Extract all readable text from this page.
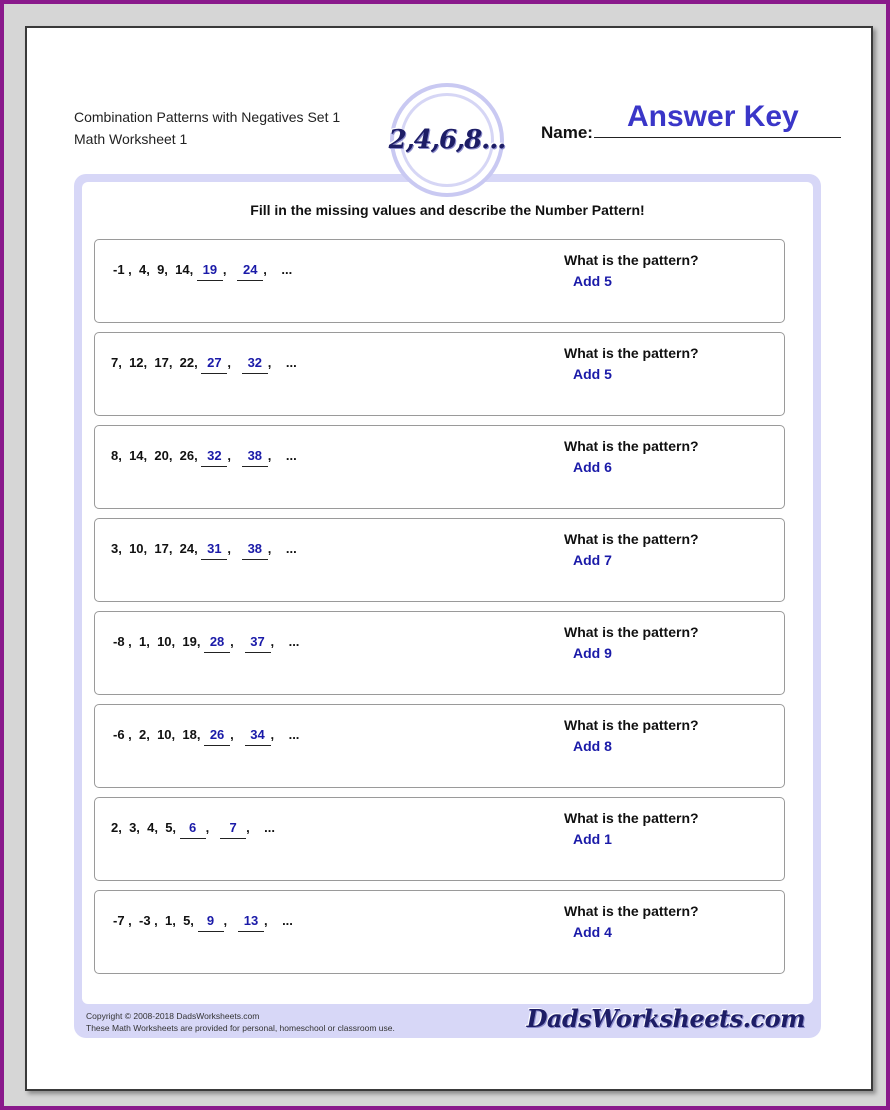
Combination Patterns with Negatives Set 1
Math Worksheet 1	2,4,6,8...
Answer Key
Name:
Fill in the missing values and describe the Number Pattern!
-1 ,  4,  9,  14, 19 , 24 , ...
What is the pattern?
Add 5
7,  12,  17,  22, 27 , 32 , ...
What is the pattern?
Add 5
8,  14,  20,  26, 32 , 38 , ...
What is the pattern?
Add 6
3,  10,  17,  24, 31 , 38 , ...
What is the pattern?
Add 7
-8 ,  1,  10,  19, 28 , 37 , ...
What is the pattern?
Add 9
-6 ,  2,  10,  18, 26 , 34 , ...
What is the pattern?
Add 8
2,  3,  4,  5, 6 , 7 , ...
What is the pattern?
Add 1
-7 ,  -3 ,  1,  5, 9 , 13 , ...
What is the pattern?
Add 4
Copyright © 2008-2018 DadsWorksheets.com
These Math Worksheets are provided for personal, homeschool or classroom use.	DadsWorksheets.com
